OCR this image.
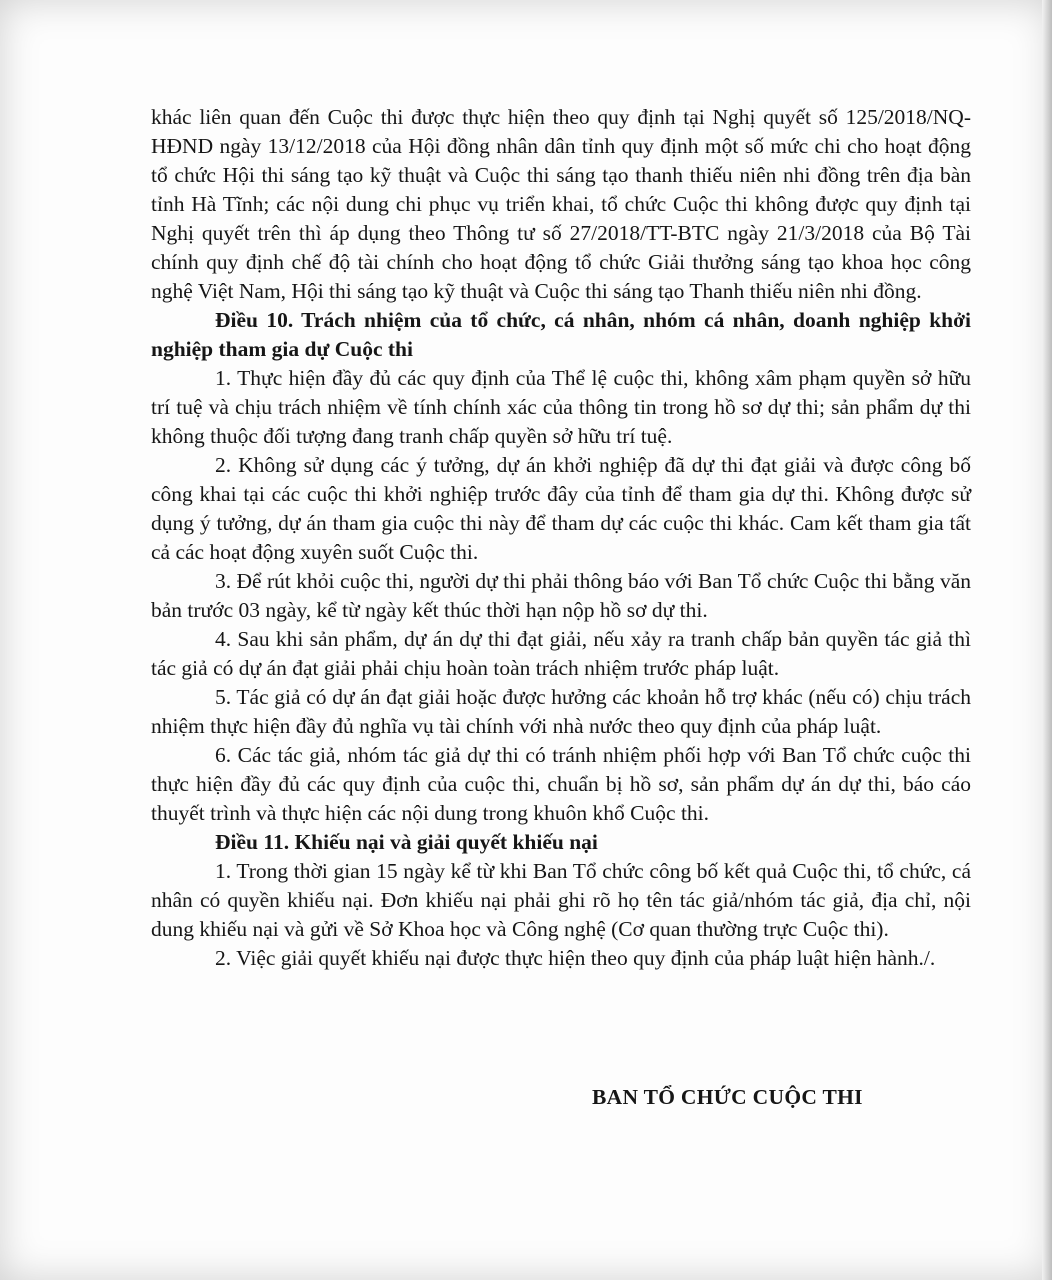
khác liên quan đến Cuộc thi được thực hiện theo quy định tại Nghị quyết số 125/2018/NQ-HĐND ngày 13/12/2018 của Hội đồng nhân dân tỉnh quy định một số mức chi cho hoạt động tổ chức Hội thi sáng tạo kỹ thuật và Cuộc thi sáng tạo thanh thiếu niên nhi đồng trên địa bàn tỉnh Hà Tĩnh; các nội dung chi phục vụ triển khai, tổ chức Cuộc thi không được quy định tại Nghị quyết trên thì áp dụng theo Thông tư số 27/2018/TT-BTC ngày 21/3/2018 của Bộ Tài chính quy định chế độ tài chính cho hoạt động tổ chức Giải thưởng sáng tạo khoa học công nghệ Việt Nam, Hội thi sáng tạo kỹ thuật và Cuộc thi sáng tạo Thanh thiếu niên nhi đồng.

Điều 10. Trách nhiệm của tổ chức, cá nhân, nhóm cá nhân, doanh nghiệp khởi nghiệp tham gia dự Cuộc thi

1. Thực hiện đầy đủ các quy định của Thể lệ cuộc thi, không xâm phạm quyền sở hữu trí tuệ và chịu trách nhiệm về tính chính xác của thông tin trong hồ sơ dự thi; sản phẩm dự thi không thuộc đối tượng đang tranh chấp quyền sở hữu trí tuệ.

2. Không sử dụng các ý tưởng, dự án khởi nghiệp đã dự thi đạt giải và được công bố công khai tại các cuộc thi khởi nghiệp trước đây của tỉnh để tham gia dự thi. Không được sử dụng ý tưởng, dự án tham gia cuộc thi này để tham dự các cuộc thi khác. Cam kết tham gia tất cả các hoạt động xuyên suốt Cuộc thi.

3. Để rút khỏi cuộc thi, người dự thi phải thông báo với Ban Tổ chức Cuộc thi bằng văn bản trước 03 ngày, kể từ ngày kết thúc thời hạn nộp hồ sơ dự thi.

4. Sau khi sản phẩm, dự án dự thi đạt giải, nếu xảy ra tranh chấp bản quyền tác giả thì tác giả có dự án đạt giải phải chịu hoàn toàn trách nhiệm trước pháp luật.

5. Tác giả có dự án đạt giải hoặc được hưởng các khoản hỗ trợ khác (nếu có) chịu trách nhiệm thực hiện đầy đủ nghĩa vụ tài chính với nhà nước theo quy định của pháp luật.

6. Các tác giả, nhóm tác giả dự thi có tránh nhiệm phối hợp với Ban Tổ chức cuộc thi thực hiện đầy đủ các quy định của cuộc thi, chuẩn bị hồ sơ, sản phẩm dự án dự thi, báo cáo thuyết trình và thực hiện các nội dung trong khuôn khổ Cuộc thi.

Điều 11. Khiếu nại và giải quyết khiếu nại

1. Trong thời gian 15 ngày kể từ khi Ban Tổ chức công bố kết quả Cuộc thi, tổ chức, cá nhân có quyền khiếu nại. Đơn khiếu nại phải ghi rõ họ tên tác giả/nhóm tác giả, địa chỉ, nội dung khiếu nại và gửi về Sở Khoa học và Công nghệ (Cơ quan thường trực Cuộc thi).

2. Việc giải quyết khiếu nại được thực hiện theo quy định của pháp luật hiện hành./.

BAN TỔ CHỨC CUỘC THI
